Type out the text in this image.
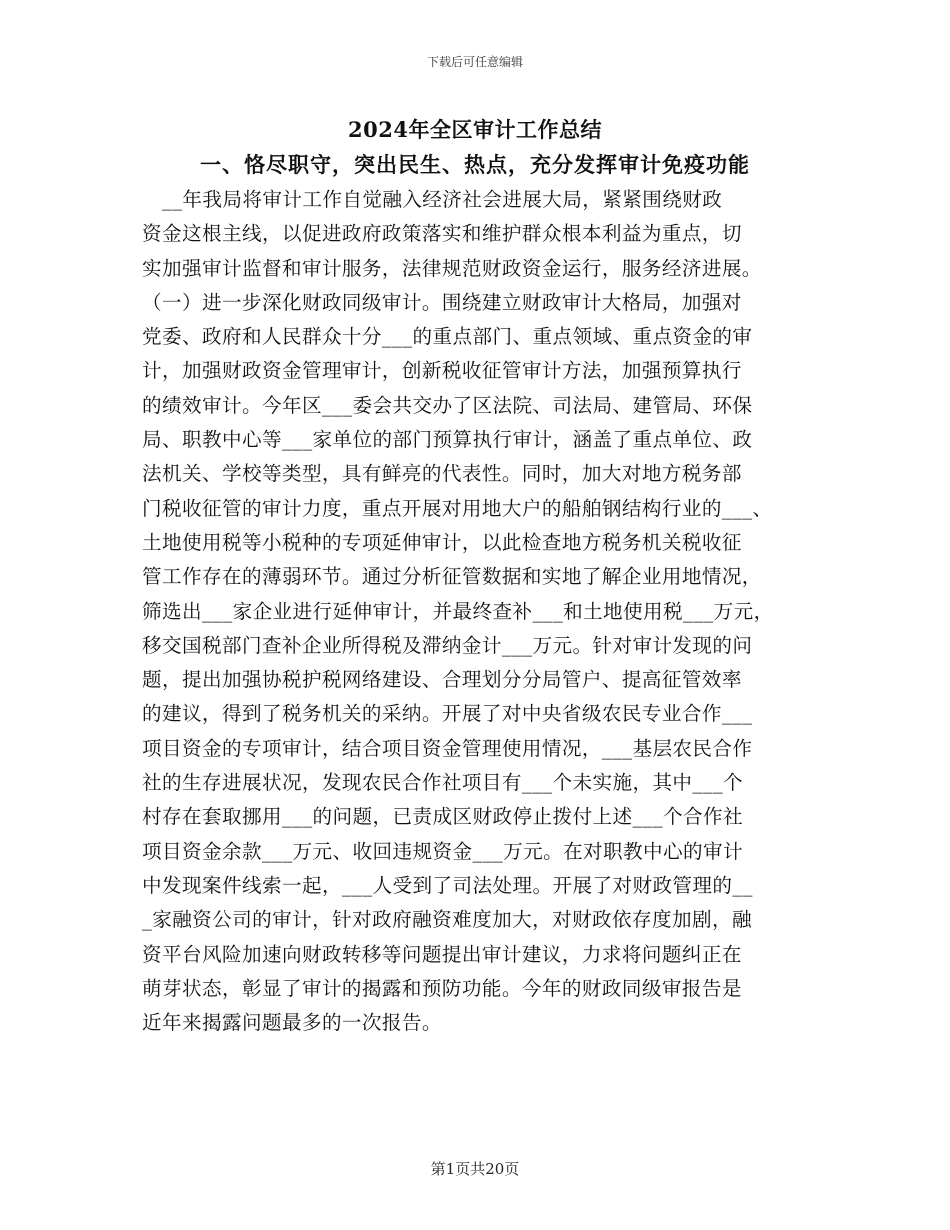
下载后可任意编辑
2024年全区审计工作总结
一、恪尽职守，突出民生、热点，充分发挥审计免疫功能
　__年我局将审计工作自觉融入经济社会进展大局，紧紧围绕财政
资金这根主线，以促进政府政策落实和维护群众根本利益为重点，切
实加强审计监督和审计服务，法律规范财政资金运行，服务经济进展。
（一）进一步深化财政同级审计。围绕建立财政审计大格局，加强对
党委、政府和人民群众十分___的重点部门、重点领域、重点资金的审
计，加强财政资金管理审计，创新税收征管审计方法，加强预算执行
的绩效审计。今年区___委会共交办了区法院、司法局、建管局、环保
局、职教中心等___家单位的部门预算执行审计，涵盖了重点单位、政
法机关、学校等类型，具有鲜亮的代表性。同时，加大对地方税务部
门税收征管的审计力度，重点开展对用地大户的船舶钢结构行业的___、
土地使用税等小税种的专项延伸审计，以此检查地方税务机关税收征
管工作存在的薄弱环节。通过分析征管数据和实地了解企业用地情况，
筛选出___家企业进行延伸审计，并最终查补___和土地使用税___万元，
移交国税部门查补企业所得税及滞纳金计___万元。针对审计发现的问
题，提出加强协税护税网络建设、合理划分分局管户、提高征管效率
的建议，得到了税务机关的采纳。开展了对中央省级农民专业合作___
项目资金的专项审计，结合项目资金管理使用情况，___基层农民合作
社的生存进展状况，发现农民合作社项目有___个未实施，其中___个
村存在套取挪用___的问题，已责成区财政停止拨付上述___个合作社
项目资金余款___万元、收回违规资金___万元。在对职教中心的审计
中发现案件线索一起，___人受到了司法处理。开展了对财政管理的__
_家融资公司的审计，针对政府融资难度加大，对财政依存度加剧，融
资平台风险加速向财政转移等问题提出审计建议，力求将问题纠正在
萌芽状态，彰显了审计的揭露和预防功能。今年的财政同级审报告是
近年来揭露问题最多的一次报告。
第1页共20页
